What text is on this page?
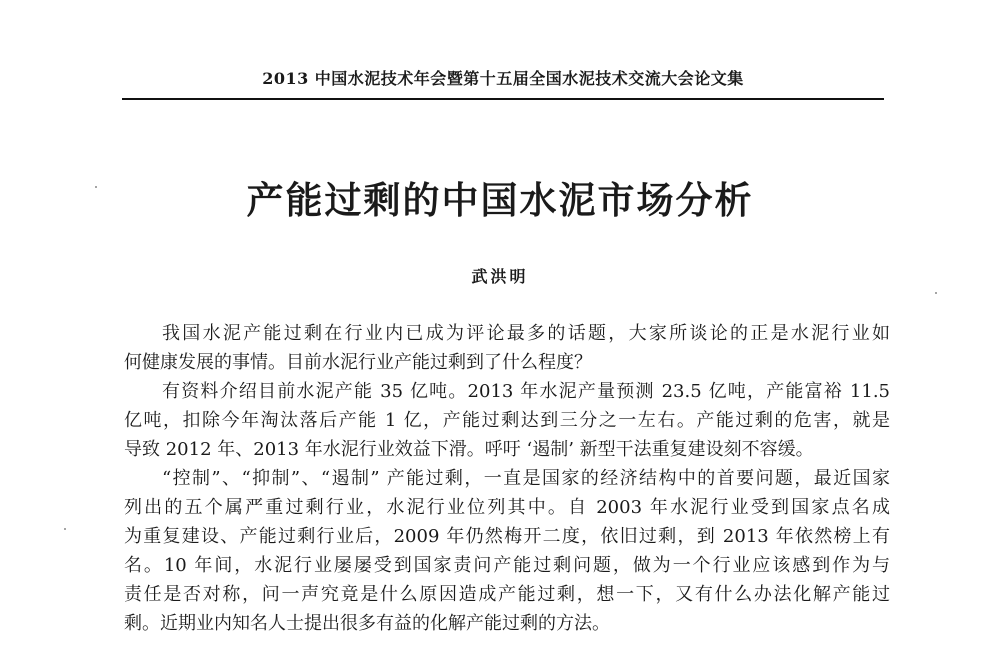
2013 中国水泥技术年会暨第十五届全国水泥技术交流大会论文集
产能过剩的中国水泥市场分析
武洪明
我国水泥产能过剩在行业内已成为评论最多的话题，大家所谈论的正是水泥行业如
何健康发展的事情。目前水泥行业产能过剩到了什么程度？
有资料介绍目前水泥产能 35 亿吨。2013 年水泥产量预测 23.5 亿吨，产能富裕 11.5
亿吨，扣除今年淘汰落后产能 1 亿，产能过剩达到三分之一左右。产能过剩的危害，就是
导致 2012 年、2013 年水泥行业效益下滑。呼吁 ‘遏制’ 新型干法重复建设刻不容缓。
“控制”、“抑制”、“遏制” 产能过剩，一直是国家的经济结构中的首要问题，最近国家
列出的五个属严重过剩行业，水泥行业位列其中。自 2003 年水泥行业受到国家点名成
为重复建设、产能过剩行业后，2009 年仍然梅开二度，依旧过剩，到 2013 年依然榜上有
名。10 年间，水泥行业屡屡受到国家责问产能过剩问题，做为一个行业应该感到作为与
责任是否对称，问一声究竟是什么原因造成产能过剩，想一下，又有什么办法化解产能过
剩。近期业内知名人士提出很多有益的化解产能过剩的方法。
